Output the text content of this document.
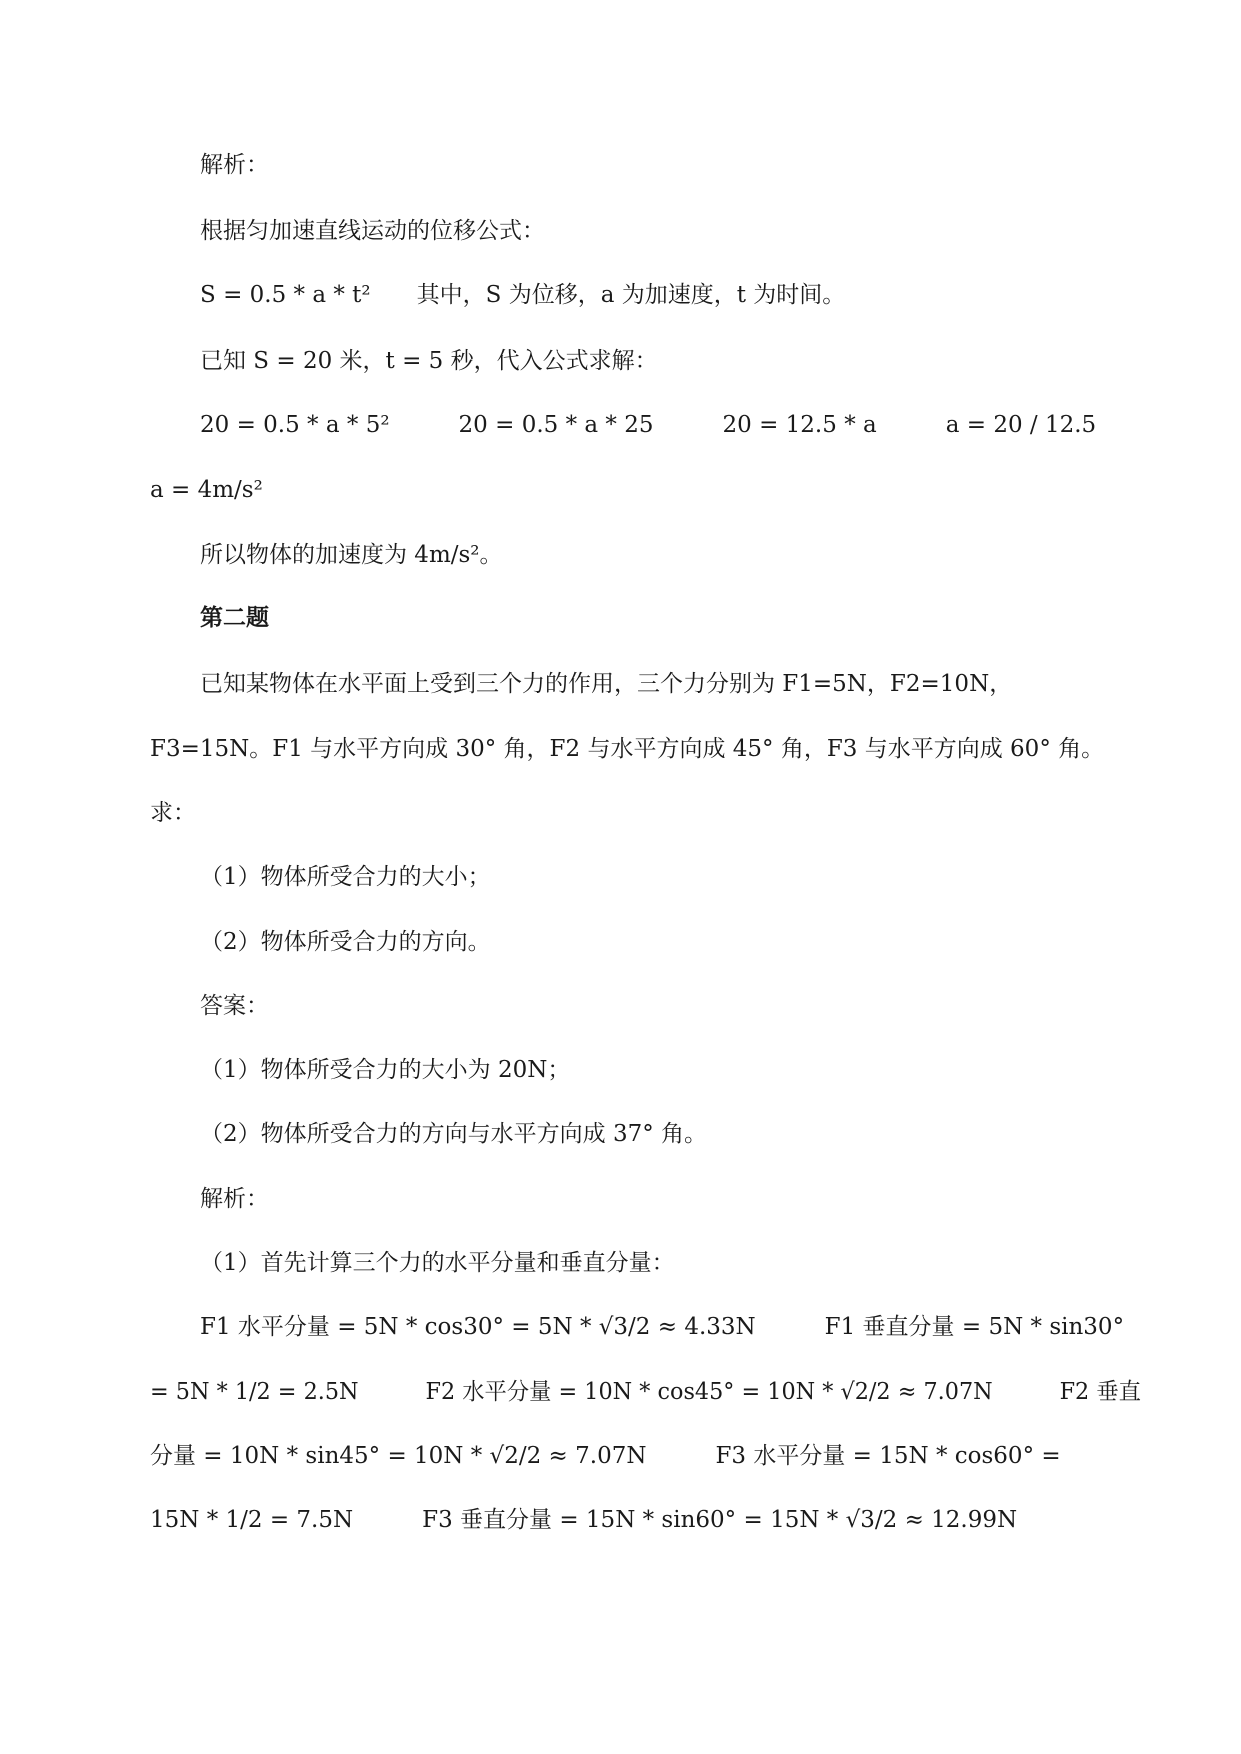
解析：
根据匀加速直线运动的位移公式：
S = 0.5 * a * t²　　其中，S 为位移，a 为加速度，t 为时间。
已知 S = 20 米，t = 5 秒，代入公式求解：
20 = 0.5 * a * 5²　　　20 = 0.5 * a * 25　　　20 = 12.5 * a　　　a = 20 / 12.5
a = 4m/s²
所以物体的加速度为 4m/s²。
第二题
已知某物体在水平面上受到三个力的作用，三个力分别为 F1=5N，F2=10N，
F3=15N。F1 与水平方向成 30° 角，F2 与水平方向成 45° 角，F3 与水平方向成 60° 角。
求：
（1）物体所受合力的大小；
（2）物体所受合力的方向。
答案：
（1）物体所受合力的大小为 20N；
（2）物体所受合力的方向与水平方向成 37° 角。
解析：
（1）首先计算三个力的水平分量和垂直分量：
F1 水平分量 = 5N * cos30° = 5N * √3/2 ≈ 4.33N　　　F1 垂直分量 = 5N * sin30°
= 5N * 1/2 = 2.5N　　　F2 水平分量 = 10N * cos45° = 10N * √2/2 ≈ 7.07N　　　F2 垂直
分量 = 10N * sin45° = 10N * √2/2 ≈ 7.07N　　　F3 水平分量 = 15N * cos60° =
15N * 1/2 = 7.5N　　　F3 垂直分量 = 15N * sin60° = 15N * √3/2 ≈ 12.99N
